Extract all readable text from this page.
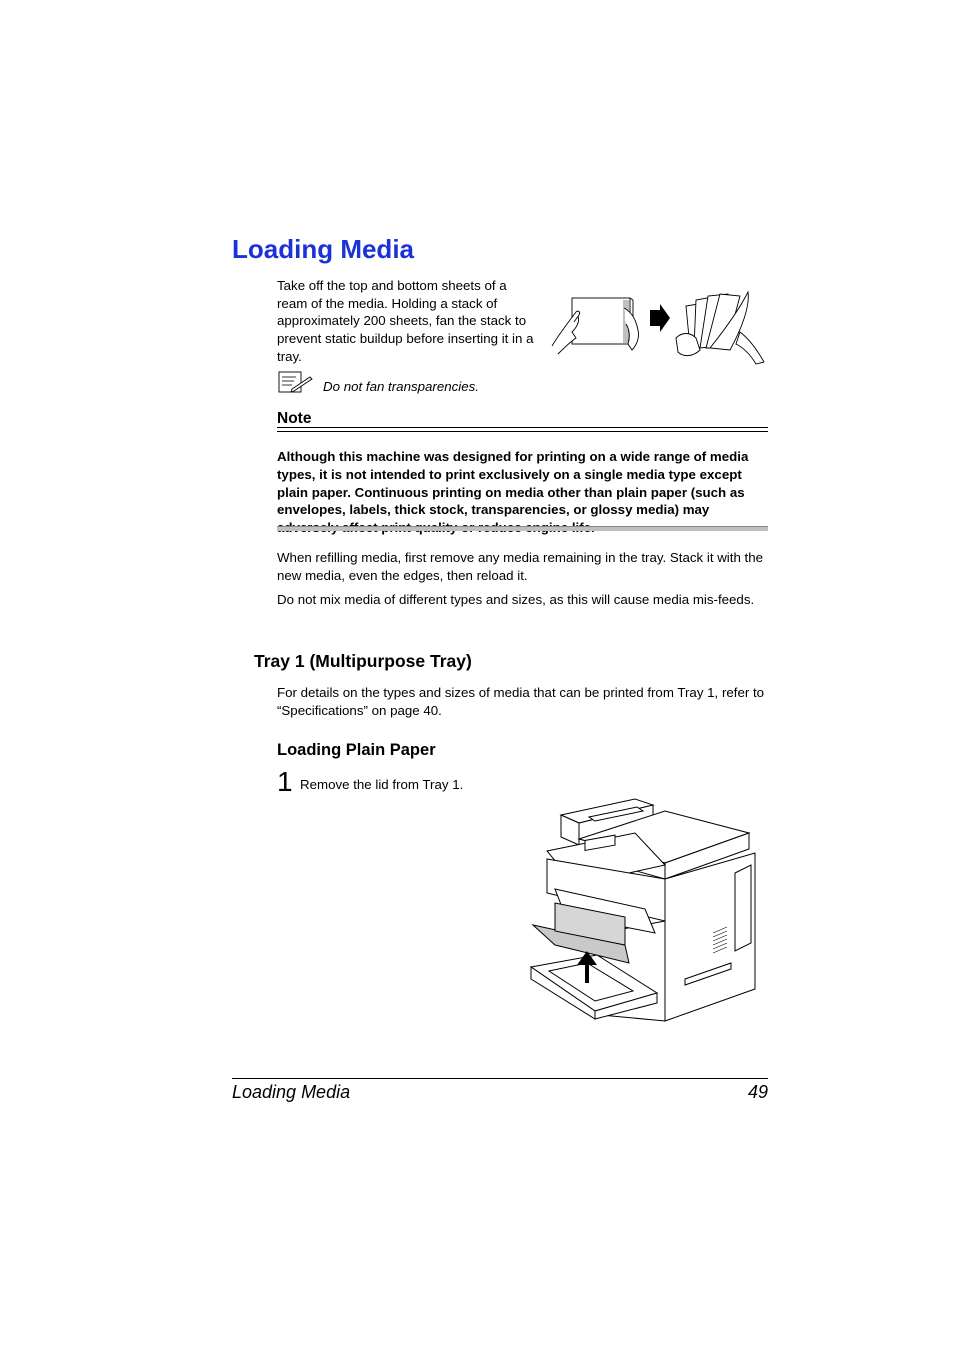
Loading Media

Take off the top and bottom sheets of a ream of the media. Holding a stack of approximately 200 sheets, fan the stack to prevent static buildup before inserting it in a tray.

Do not fan transparencies.
Note

Although this machine was designed for printing on a wide range of media types, it is not intended to print exclusively on a single media type except plain paper. Continuous printing on media other than plain paper (such as envelopes, labels, thick stock, transparencies, or glossy media) may

When refilling media, first remove any media remaining in the tray. Stack it with the new media, even the edges, then reload it.

Do not mix media of different types and sizes, as this will cause media mis-feeds.

Tray 1 (Multipurpose Tray)

For details on the types and sizes of media that can be printed from Tray 1, refer to “Specifications” on page 40.

Loading Plain Paper
1 Remove the lid from Tray 1.
Loading Media	49
